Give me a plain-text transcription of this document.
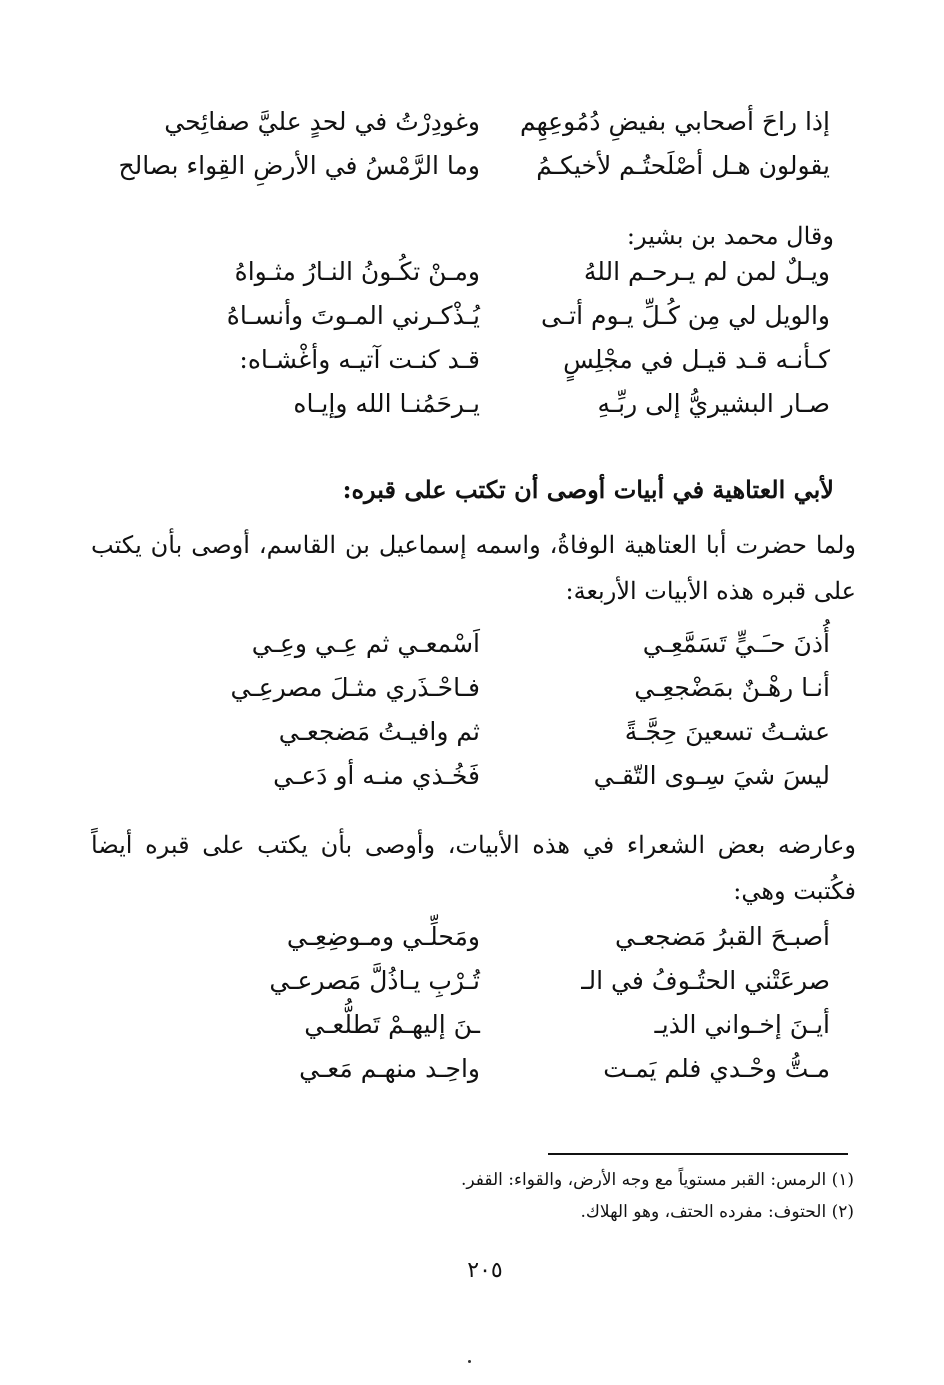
إذا راحَ أصحابي بفيضِ دُمُوعِهِم
وغودِرْتُ في لحدٍ عليَّ صفائِحي
يقولون هـل أصْلَحتُـم لأخيكـمُ
وما الرَّمْسُ في الأرضِ القِواء بصالح
وقال محمد بن بشير:
ويـلٌ لمن لم يـرحـم اللهُ
ومـنْ تكُـونُ النـارُ مثـواهُ
والويل لي مِن كُـلِّ يـوم أتـى
يُـذْكـرني المـوتَ وأنسـاهُ
كـأنـه قـد قيـل في مجْلِسٍ
قـد كنـت آتيـه وأغْشـاه:
صـار البشيريُّ إلى ربِّـهِ
يـرحَمُنـا الله وإيـاه
لأبي العتاهية في أبيات أوصى أن تكتب على قبره:
ولما حضرت أبا العتاهية الوفاةُ، واسمه إسماعيل بن القاسم، أوصى بأن يكتب على قبره هذه الأبيات الأربعة:
أُذنَ حـَـيٍّ تَسَمَّعِـي
اَسْمعـي ثم عِـي وعِـي
أنـا رهْـنٌ بمَضْجعِـي
فـاحْـذَري مثـلَ مصرعِـي
عشـتُ تسعينَ حِجَّـةً
ثم وافيـتُ مَضجعـي
ليسَ شيَ سِـوى التّقـي
فَخُـذي منـه أو دَعـي
وعارضه بعض الشعراء في هذه الأبيات، وأوصى بأن يكتب على قبره أيضاً فكُتبت وهي:
أصبـحَ القبرُ مَضجعـي
ومَحلِّـي ومـوضِعِـي
صرعَتْني الحتُـوفُ في الـ
تُـرْبِ يـاذُلَّ مَصرعـي
أيـنَ إخـواني الذيـ
ـنَ إليهـمْ تَطلُّعـي
مـتُّ وحْـدي فلم يَمـت
واحِـد منهـم مَعـي
(١) الرمس: القبر مستوياً مع وجه الأرض، والقواء: القفر.
(٢) الحتوف: مفرده الحتف، وهو الهلاك.
٢٠٥
